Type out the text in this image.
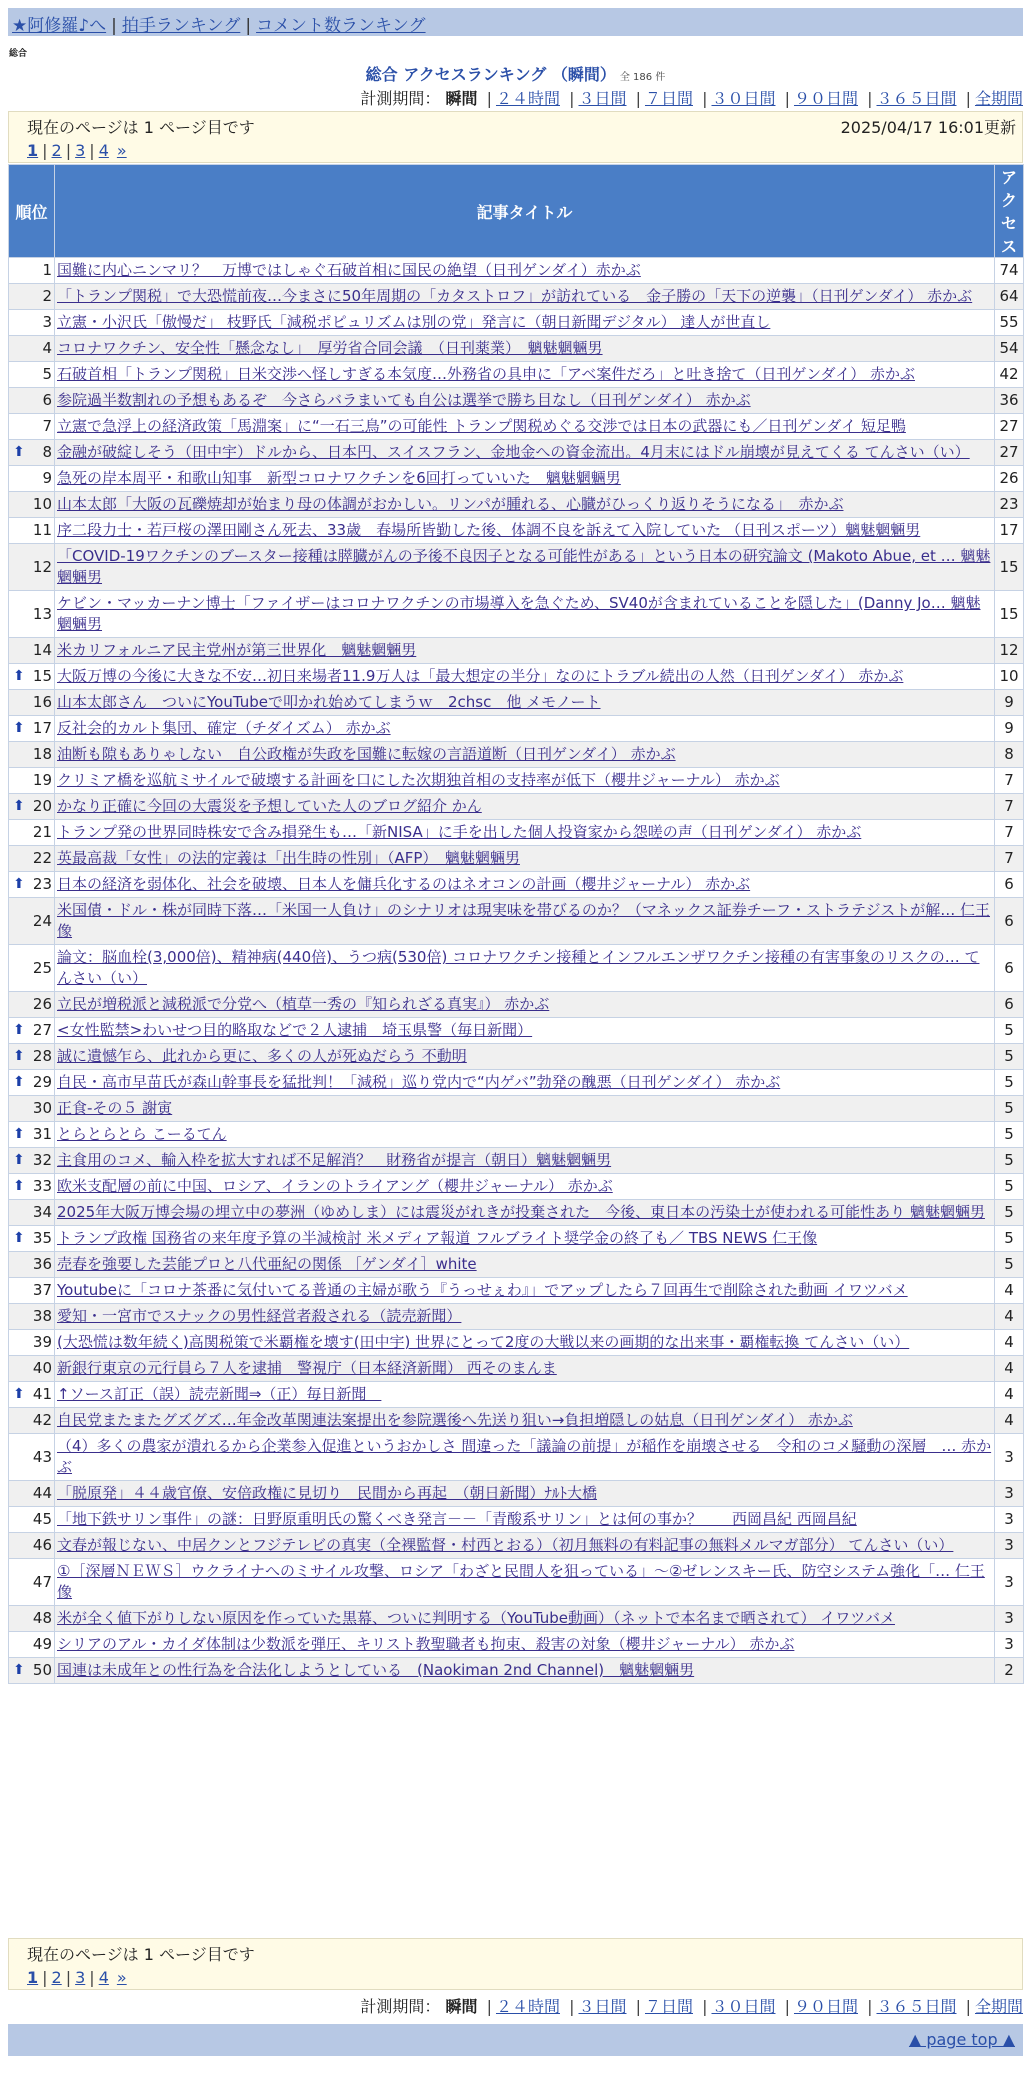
★阿修羅♪へ | 拍手ランキング | コメント数ランキング
総合
総合 アクセスランキング （瞬間） 全 186 件
計測期間： 瞬間 | ２４時間 | ３日間 | ７日間 | ３０日間 | ９０日間 | ３６５日間 | 全期間
現在のページは 1 ページ目です	2025/04/17 16:01更新
1 | 2 | 3 | 4 »
順位	記事タイトル	アクセス
1	国難に内心ニンマリ？　万博ではしゃぐ石破首相に国民の絶望（日刊ゲンダイ）赤かぶ	74
2	「トランプ関税」で大恐慌前夜…今まさに50年周期の「カタストロフ」が訪れている　金子勝の「天下の逆襲」（日刊ゲンダイ） 赤かぶ	64
3	立憲・小沢氏「傲慢だ」 枝野氏「減税ポピュリズムは別の党」発言に（朝日新聞デジタル） 達人が世直し	55
4	コロナワクチン、安全性「懸念なし」　厚労省合同会議　（日刊薬業）　魑魅魍魎男	54
5	石破首相「トランプ関税」日米交渉へ怪しすぎる本気度…外務省の具申に「アベ案件だろ」と吐き捨て（日刊ゲンダイ） 赤かぶ	42
6	参院過半数割れの予想もあるぞ　今さらバラまいても自公は選挙で勝ち目なし（日刊ゲンダイ） 赤かぶ	36
7	立憲で急浮上の経済政策「馬淵案」に“一石三鳥”の可能性 トランプ関税めぐる交渉では日本の武器にも／日刊ゲンダイ 短足鴨	27

⬆ 8	金融が破綻しそう（田中宇）ドルから、日本円、スイスフラン、金地金への資金流出。4月末にはドル崩壊が見えてくる てんさい（い）	27
9	急死の岸本周平・和歌山知事　新型コロナワクチンを6回打っていいた　魑魅魍魎男	26
10	山本太郎「大阪の瓦礫焼却が始まり母の体調がおかしい。リンパが腫れる、心臓がひっくり返りそうになる」　赤かぶ	23
11	序二段力士・若戸桜の澤田剛さん死去、33歳　春場所皆勤した後、体調不良を訴えて入院していた （日刊スポーツ）魑魅魍魎男	17
12	「COVID-19ワクチンのブースター接種は膵臓がんの予後不良因子となる可能性がある」という日本の研究論文 (Makoto Abue, et … 魑魅魍魎男	15
13	ケビン・マッカーナン博士「ファイザーはコロナワクチンの市場導入を急ぐため、SV40が含まれていることを隠した」(Danny Jo… 魑魅魍魎男	15
14	米カリフォルニア民主党州が第三世界化　魑魅魍魎男	12

⬆ 15	大阪万博の今後に大きな不安…初日来場者11.9万人は「最大想定の半分」なのにトラブル続出の人然（日刊ゲンダイ） 赤かぶ	10
16	山本太郎さん　ついにYouTubeで叩かれ始めてしまうｗ　2chsc　他 メモノート	9

⬆ 17	反社会的カルト集団、確定（チダイズム） 赤かぶ	9
18	油断も隙もありゃしない　自公政権が失政を国難に転嫁の言語道断（日刊ゲンダイ） 赤かぶ	8
19	クリミア橋を巡航ミサイルで破壊する計画を口にした次期独首相の支持率が低下（櫻井ジャーナル） 赤かぶ	7

⬆ 20	かなり正確に今回の大震災を予想していた人のブログ紹介 かん	7
21	トランプ発の世界同時株安で含み損発生も…「新NISA」に手を出した個人投資家から怨嗟の声（日刊ゲンダイ） 赤かぶ	7
22	英最高裁「女性」の法的定義は「出生時の性別」（AFP）　魑魅魍魎男	7

⬆ 23	日本の経済を弱体化、社会を破壊、日本人を傭兵化するのはネオコンの計画（櫻井ジャーナル） 赤かぶ	6
24	米国債・ドル・株が同時下落…「米国一人負け」のシナリオは現実味を帯びるのか？（マネックス証券チーフ・ストラテジストが解… 仁王像	6
25	論文：脳血栓(3,000倍)、精神病(440倍)、うつ病(530倍) コロナワクチン接種とインフルエンザワクチン接種の有害事象のリスクの… てんさい（い）	6
26	立民が増税派と減税派で分党へ（植草一秀の『知られざる真実』） 赤かぶ	6

⬆ 27	<女性監禁>わいせつ目的略取などで２人逮捕　埼玉県警（毎日新聞）	5

⬆ 28	誠に遺憾乍ら、此れから更に、多くの人が死ぬだらう 不動明	5

⬆ 29	自民・高市早苗氏が森山幹事長を猛批判！「減税」巡り党内で“内ゲバ”勃発の醜悪（日刊ゲンダイ） 赤かぶ	5
30	正食-その５ 謝寅	5

⬆ 31	とらとらとら こーるてん	5

⬆ 32	主食用のコメ、輸入枠を拡大すれば不足解消？　財務省が提言（朝日）魑魅魍魎男	5

⬆ 33	欧米支配層の前に中国、ロシア、イランのトライアング（櫻井ジャーナル） 赤かぶ	5
34	2025年大阪万博会場の埋立中の夢洲（ゆめしま）には震災がれきが投棄された　今後、東日本の汚染土が使われる可能性あり 魑魅魍魎男	5

⬆ 35	トランプ政権 国務省の来年度予算の半減検討 米メディア報道 フルブライト奨学金の終了も／ TBS NEWS 仁王像	5
36	売春を強要した芸能プロと八代亜紀の関係 ［ゲンダイ］white	5
37	Youtubeに「コロナ茶番に気付いてる普通の主婦が歌う『うっせぇわ』」でアップしたら７回再生で削除された動画 イワツバメ	4
38	愛知・一宮市でスナックの男性経営者殺される（読売新聞）	4
39	(大恐慌は数年続く)高関税策で米覇権を壊す(田中宇) 世界にとって2度の大戦以来の画期的な出来事・覇権転換 てんさい（い）	4
40	新銀行東京の元行員ら７人を逮捕　警視庁（日本経済新聞） 西そのまんま	4

⬆ 41	↑ソース訂正（誤）読売新聞⇒（正）毎日新聞　	4
42	自民党またまたグズグズ…年金改革関連法案提出を参院選後へ先送り狙い→負担増隠しの姑息（日刊ゲンダイ） 赤かぶ	4
43	（4）多くの農家が潰れるから企業参入促進というおかしさ 間違った「議論の前提」が稲作を崩壊させる　令和のコメ騒動の深層　… 赤かぶ	3
44	「脱原発」４４歳官僚、安倍政権に見切り　民間から再起　（朝日新聞）ﾅﾙﾄ大橋	3
45	「地下鉄サリン事件」の謎：日野原重明氏の驚くべき発言－－「青酸系サリン」とは何の事か？　　西岡昌紀 西岡昌紀	3
46	文春が報じない、中居クンとフジテレビの真実（全裸監督・村西とおる）（初月無料の有料記事の無料メルマガ部分） てんさい（い）	3
47	①［深層ＮＥＷＳ］ウクライナへのミサイル攻撃、ロシア「わざと民間人を狙っている」～②ゼレンスキー氏、防空システム強化「… 仁王像	3
48	米が全く値下がりしない原因を作っていた黒幕、ついに判明する（YouTube動画）（ネットで本名まで晒されて） イワツバメ	3
49	シリアのアル・カイダ体制は少数派を弾圧、キリスト教聖職者も拘束、殺害の対象（櫻井ジャーナル） 赤かぶ	3

⬆ 50	国連は未成年との性行為を合法化しようとしている　(Naokiman 2nd Channel)　魑魅魍魎男	2
計測期間： 瞬間 | ２４時間 | ３日間 | ７日間 | ３０日間 | ９０日間 | ３６５日間 | 全期間
現在のページは 1 ページ目です
1 | 2 | 3 | 4 »
▲ page top ▲
